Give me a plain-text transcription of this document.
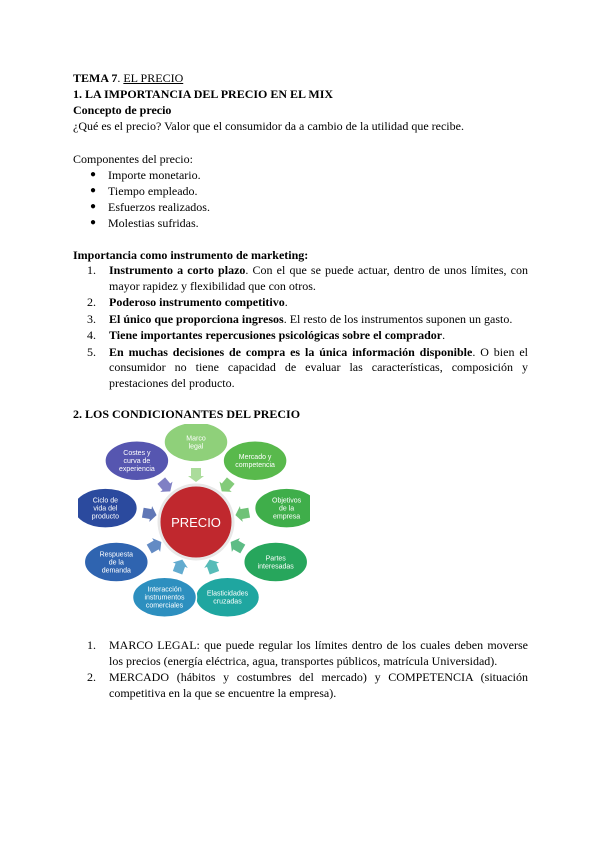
TEMA 7. EL PRECIO
1. LA IMPORTANCIA DEL PRECIO EN EL MIX
Concepto de precio
¿Qué es el precio? Valor que el consumidor da a cambio de la utilidad que recibe.
Componentes del precio:
● Importe monetario.
● Tiempo empleado.
● Esfuerzos realizados.
● Molestias sufridas.
Importancia como instrumento de marketing:
1.	Instrumento a corto plazo. Con el que se puede actuar, dentro de unos límites, con mayor rapidez y flexibilidad que con otros.
2.	Poderoso instrumento competitivo.
3.	El único que proporciona ingresos. El resto de los instrumentos suponen un gasto.
4.	Tiene importantes repercusiones psicológicas sobre el comprador.
5.	En muchas decisiones de compra es la única información disponible. O bien el consumidor no tiene capacidad de evaluar las características, composición y prestaciones del producto.
2. LOS CONDICIONANTES DEL PRECIO
Marco
legal
Mercado y
competencia
Objetivos
de la
empresa
Partes
interesadas
Elasticidades
cruzadas
Interacción
instrumentos
comerciales
Respuesta
de la
demanda
Ciclo de
vida del
producto
Costes y
curva de
experiencia
PRECIO
1.	MARCO LEGAL: que puede regular los límites dentro de los cuales deben moverse los precios (energía eléctrica, agua, transportes públicos, matrícula Universidad).
2.	MERCADO (hábitos y costumbres del mercado) y COMPETENCIA (situación competitiva en la que se encuentre la empresa).
